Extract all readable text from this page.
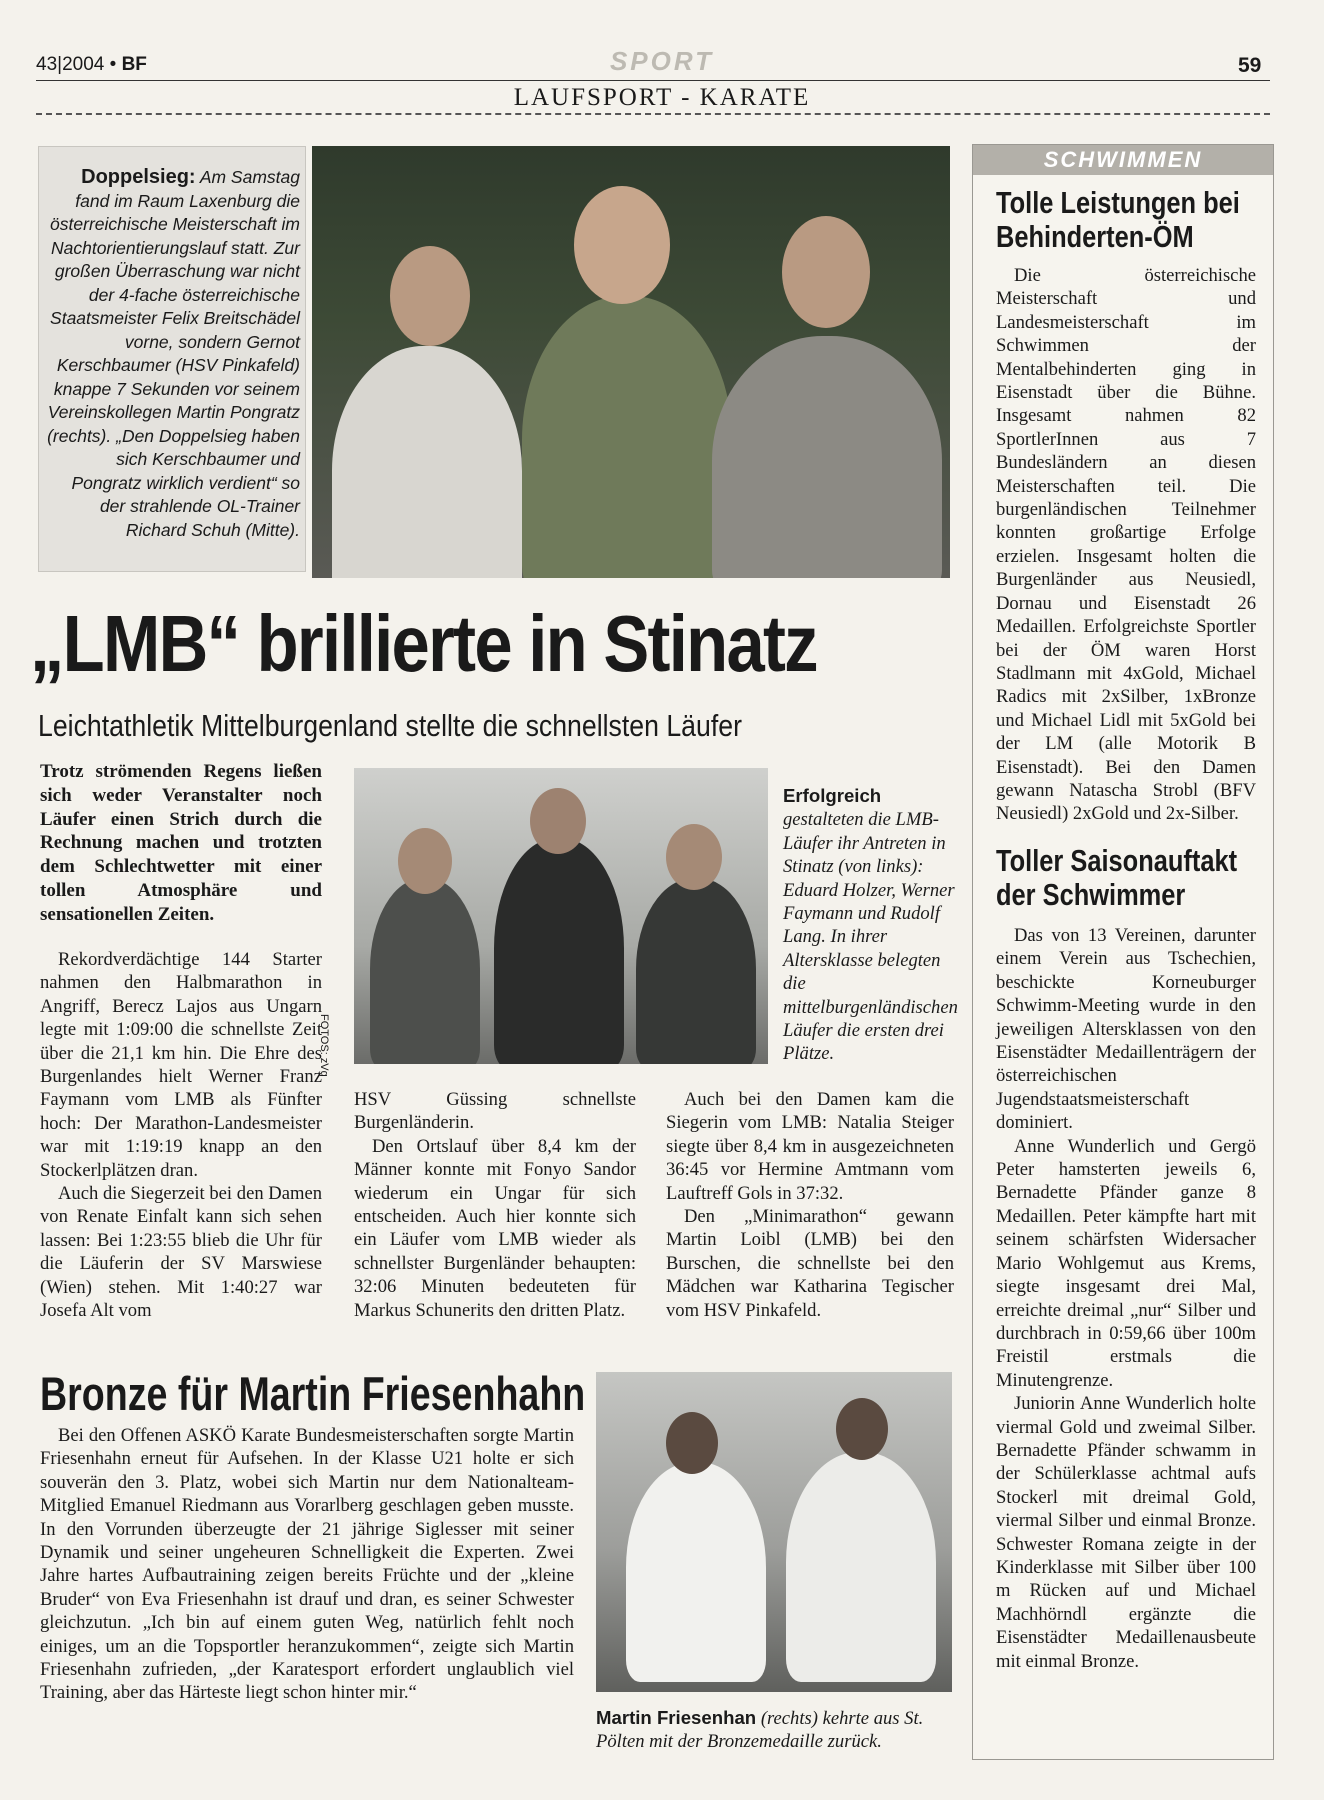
43|2004 • BF	SPORT	59
LAUFSPORT - KARATE
Doppelsieg: Am Samstag fand im Raum Laxenburg die österreichische Meisterschaft im Nachtorientierungslauf statt. Zur großen Überraschung war nicht der 4-fache österreichische Staatsmeister Felix Breitschädel vorne, sondern Gernot Kerschbaumer (HSV Pinkafeld) knappe 7 Sekunden vor seinem Vereinskollegen Martin Pongratz (rechts). „Den Doppelsieg haben sich Kerschbaumer und Pongratz wirklich verdient“ so der strahlende OL-Trainer Richard Schuh (Mitte).
„LMB“ brillierte in Stinatz
Leichtathletik Mittelburgenland stellte die schnellsten Läufer
Trotz strömenden Regens ließen sich weder Veranstalter noch Läufer einen Strich durch die Rechnung machen und trotzten dem Schlechtwetter mit einer tollen Atmosphäre und sensationellen Zeiten.

Rekordverdächtige 144 Starter nahmen den Halbmarathon in Angriff, Berecz Lajos aus Ungarn legte mit 1:09:00 die schnellste Zeit über die 21,1 km hin. Die Ehre des Burgenlandes hielt Werner Franz Faymann vom LMB als Fünfter hoch: Der Marathon-Landesmeister war mit 1:19:19 knapp an den Stockerlplätzen dran.

Auch die Siegerzeit bei den Damen von Renate Einfalt kann sich sehen lassen: Bei 1:23:55 blieb die Uhr für die Läuferin der SV Marswiese (Wien) stehen. Mit 1:40:27 war Josefa Alt vom

FOTOS: zVg
Erfolgreich gestalteten die LMB-Läufer ihr Antreten in Stinatz (von links): Eduard Holzer, Werner Faymann und Rudolf Lang. In ihrer Altersklasse belegten die mittelburgenländischen Läufer die ersten drei Plätze.

HSV Güssing schnellste Burgenländerin.

Den Ortslauf über 8,4 km der Männer konnte mit Fonyo Sandor wiederum ein Ungar für sich entscheiden. Auch hier konnte sich ein Läufer vom LMB wieder als schnellster Burgenländer behaupten: 32:06 Minuten bedeuteten für Markus Schunerits den dritten Platz.

Auch bei den Damen kam die Siegerin vom LMB: Natalia Steiger siegte über 8,4 km in ausgezeichneten 36:45 vor Hermine Amtmann vom Lauftreff Gols in 37:32.

Den „Minimarathon“ gewann Martin Loibl (LMB) bei den Burschen, die schnellste bei den Mädchen war Katharina Tegischer vom HSV Pinkafeld.

Bronze für Martin Friesenhahn

Bei den Offenen ASKÖ Karate Bundesmeisterschaften sorgte Martin Friesenhahn erneut für Aufsehen. In der Klasse U21 holte er sich souverän den 3. Platz, wobei sich Martin nur dem Nationalteam-Mitglied Emanuel Riedmann aus Vorarlberg geschlagen geben musste. In den Vorrunden überzeugte der 21 jährige Siglesser mit seiner Dynamik und seiner ungeheuren Schnelligkeit die Experten. Zwei Jahre hartes Aufbautraining zeigen bereits Früchte und der „kleine Bruder“ von Eva Friesenhahn ist drauf und dran, es seiner Schwester gleichzutun. „Ich bin auf einem guten Weg, natürlich fehlt noch einiges, um an die Topsportler heranzukommen“, zeigte sich Martin Friesenhahn zufrieden, „der Karatesport erfordert unglaublich viel Training, aber das Härteste liegt schon hinter mir.“

Martin Friesenhan (rechts) kehrte aus St. Pölten mit der Bronzemedaille zurück.
SCHWIMMEN
Tolle Leistungen bei
Behinderten-ÖM

Die österreichische Meisterschaft und Landesmeisterschaft im Schwimmen der Mentalbehinderten ging in Eisenstadt über die Bühne. Insgesamt nahmen 82 SportlerInnen aus 7 Bundesländern an diesen Meisterschaften teil. Die burgenländischen Teilnehmer konnten großartige Erfolge erzielen. Insgesamt holten die Burgenländer aus Neusiedl, Dornau und Eisenstadt 26 Medaillen. Erfolgreichste Sportler bei der ÖM waren Horst Stadlmann mit 4xGold, Michael Radics mit 2xSilber, 1xBronze und Michael Lidl mit 5xGold bei der LM (alle Motorik B Eisenstadt). Bei den Damen gewann Natascha Strobl (BFV Neusiedl) 2xGold und 2x-Silber.

Toller Saisonauftakt
der Schwimmer

Das von 13 Vereinen, darunter einem Verein aus Tschechien, beschickte Korneuburger Schwimm-Meeting wurde in den jeweiligen Altersklassen von den Eisenstädter Medaillenträgern der österreichischen Jugendstaatsmeisterschaft dominiert.

Anne Wunderlich und Gergö Peter hamsterten jeweils 6, Bernadette Pfänder ganze 8 Medaillen. Peter kämpfte hart mit seinem schärfsten Widersacher Mario Wohlgemut aus Krems, siegte insgesamt drei Mal, erreichte dreimal „nur“ Silber und durchbrach in 0:59,66 über 100m Freistil erstmals die Minutengrenze.

Juniorin Anne Wunderlich holte viermal Gold und zweimal Silber. Bernadette Pfänder schwamm in der Schülerklasse achtmal aufs Stockerl mit dreimal Gold, viermal Silber und einmal Bronze. Schwester Romana zeigte in der Kinderklasse mit Silber über 100 m Rücken auf und Michael Machhörndl ergänzte die Eisenstädter Medaillenausbeute mit einmal Bronze.
